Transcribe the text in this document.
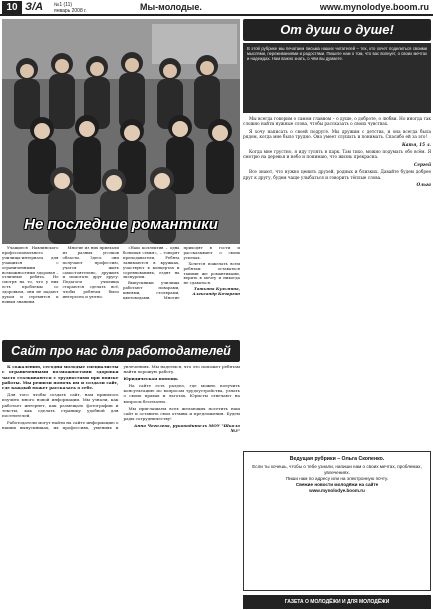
10 З/А №1 (11)
январь 2008 г.	Мы-молодые.	www.mynolodye.boom.ru
Не последние романтики

Учащиеся Навлинского профессионального училища-интерната для учащихся с ограниченными возможностями здоровья – отличные ребята. Не смотря на то, что у них есть проблемы со здоровьем, они не падают духом и стремятся к новым знаниям.

Многие из них приехали из разных уголков области. Здесь они получают профессию, учатся жить самостоятельно, дружить и помогать друг другу. Педагоги училища стараются сделать всё, чтобы ребятам было интересно и уютно.

«Наш коллектив – одна большая семья», – говорят преподаватели. Ребята занимаются в кружках, участвуют в концертах и соревнованиях, ездят на экскурсии.

Выпускники училища работают поварами, швеями, столярами, цветоводами. Многие приходят в гости и рассказывают о своих успехах.

Хочется пожелать всем ребятам оставаться такими же романтиками, верить в мечту и никогда не сдаваться.

Татьяна Кузьмина, Александр Кочергин

Сайт про нас для работодателей

К сожалению, сегодня молодые специалисты с ограниченными возможностями здоровья часто сталкиваются с трудностями при поиске работы. Мы решили помочь им и создали сайт, где каждый может рассказать о себе.

Для того чтобы создать сайт, нам пришлось изучить много новой информации. Мы узнали, как работает интернет, как размещать фотографии и тексты, как сделать страницу удобной для посетителей.

Работодатели могут найти на сайте информацию о наших выпускниках, их профессиях, умениях и увлечениях. Мы надеемся, что это поможет ребятам найти хорошую работу.

Юридическая помощь

На сайте есть раздел, где можно получить консультацию по вопросам трудоустройства, узнать о своих правах и льготах. Юристы отвечают на вопросы бесплатно.

Мы приглашаем всех желающих посетить наш сайт и оставить свои отзывы и предложения. Будем рады сотрудничеству!

Анна Чеголева, руководитель МОУ "Школа №3"

От души о душе!
В этой рубрике мы печатаем письма наших читателей – тех, кто хочет поделиться своими мыслями, переживаниями и радостями. Пишите нам о том, что вас волнует, о своих мечтах и надеждах. Нам важно знать, о чём вы думаете.

Мы всегда говорим о самом главном – о душе, о доброте, о любви. Но иногда так сложно найти нужные слова, чтобы рассказать о своих чувствах.

Я хочу написать о своей подруге. Мы дружим с детства, и она всегда была рядом, когда мне было трудно. Она умеет слушать и понимать. Спасибо ей за это!

Катя, 15 л.

Когда мне грустно, я иду гулять в парк. Там тихо, можно подумать обо всём. Я смотрю на деревья и небо и понимаю, что жизнь прекрасна.

Сергей

Все знают, что нужно ценить друзей, родных и близких. Давайте будем добрее друг к другу, будем чаще улыбаться и говорить тёплые слова.

Ольга

Ведущая рубрики – Ольга Скопенко.
Если ты хочешь, чтобы о тебе узнали, напиши нам о своих мечтах, проблемах, увлечениях.
Пиши нам по адресу или на электронную почту.
Свежие новости молодёжи на сайте
www.mynolodye.boom.ru
ГАЗЕТА О МОЛОДЁЖИ И ДЛЯ МОЛОДЁЖИ
